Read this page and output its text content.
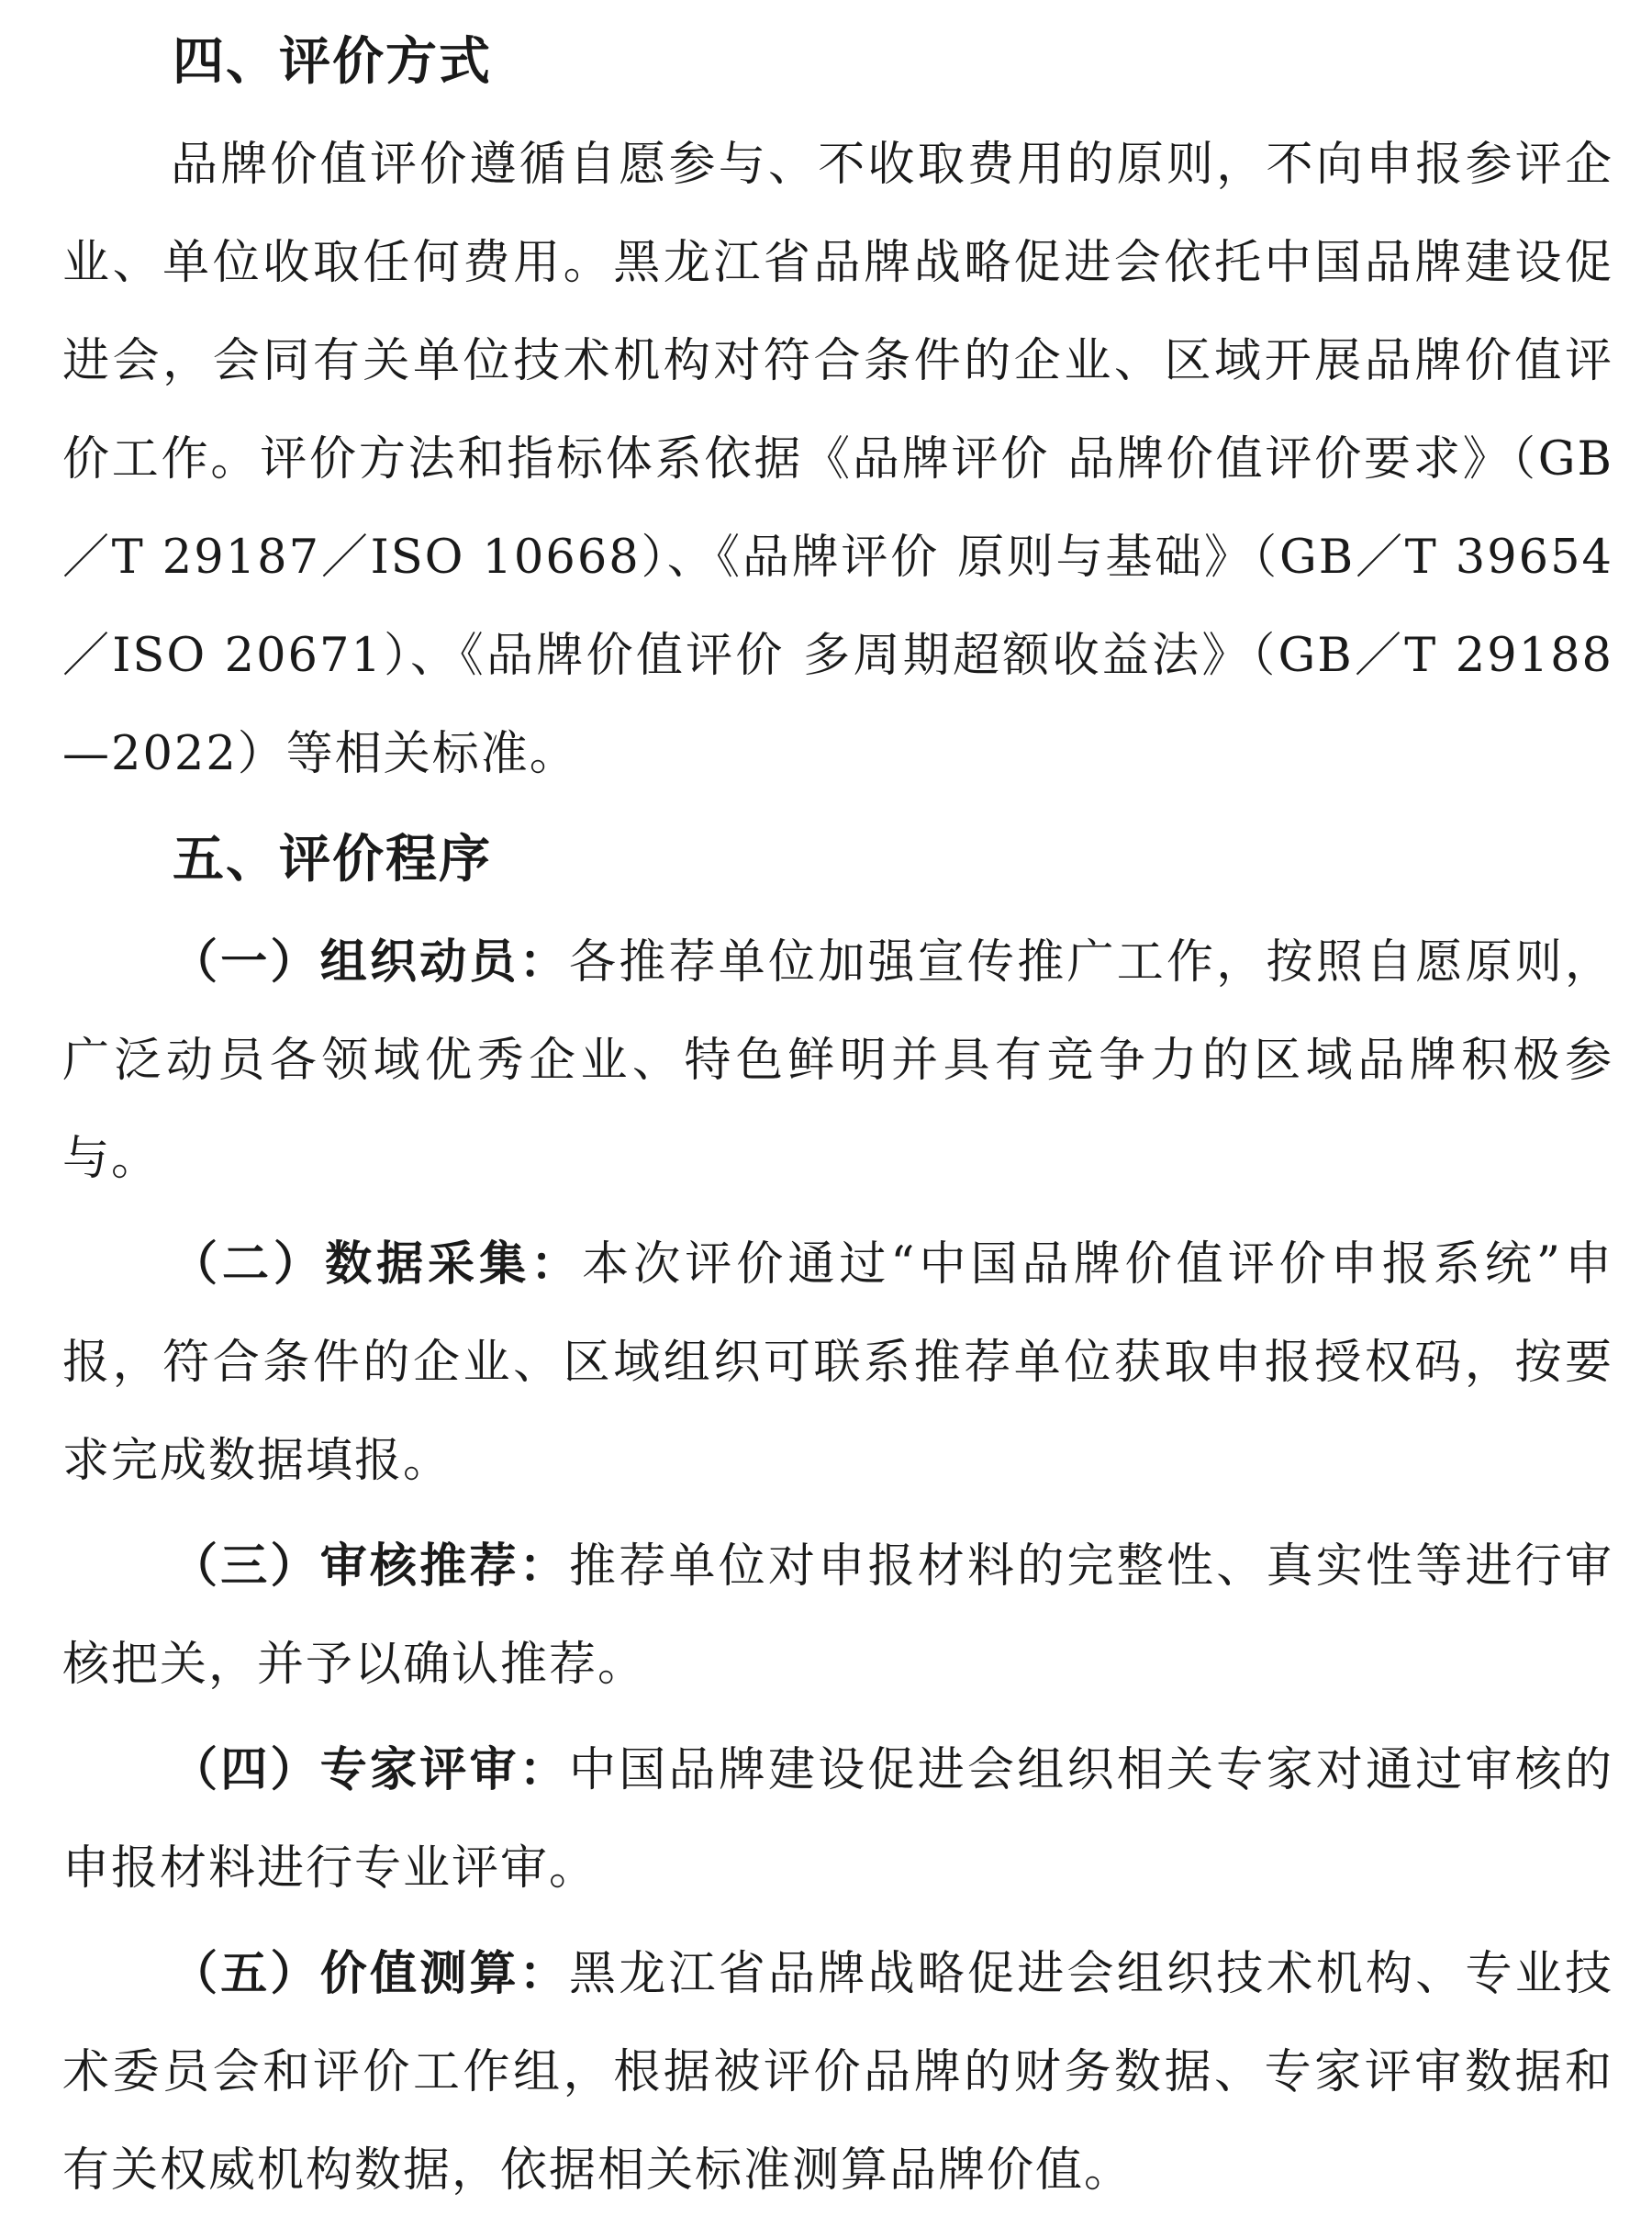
四、评价方式

品牌价值评价遵循自愿参与、不收取费用的原则，不向申报参评企业、单位收取任何费用。黑龙江省品牌战略促进会依托中国品牌建设促进会，会同有关单位技术机构对符合条件的企业、区域开展品牌价值评价工作。评价方法和指标体系依据《品牌评价 品牌价值评价要求》（GB／T 29187／ISO 10668）、《品牌评价 原则与基础》（GB／T 39654／ISO 20671）、《品牌价值评价 多周期超额收益法》（GB／T 29188—2022）等相关标准。

五、评价程序

（一）组织动员：各推荐单位加强宣传推广工作，按照自愿原则，广泛动员各领域优秀企业、特色鲜明并具有竞争力的区域品牌积极参与。

（二）数据采集：本次评价通过“中国品牌价值评价申报系统”申报，符合条件的企业、区域组织可联系推荐单位获取申报授权码，按要求完成数据填报。

（三）审核推荐：推荐单位对申报材料的完整性、真实性等进行审核把关，并予以确认推荐。

（四）专家评审：中国品牌建设促进会组织相关专家对通过审核的申报材料进行专业评审。

（五）价值测算：黑龙江省品牌战略促进会组织技术机构、专业技术委员会和评价工作组，根据被评价品牌的财务数据、专家评审数据和有关权威机构数据，依据相关标准测算品牌价值。
